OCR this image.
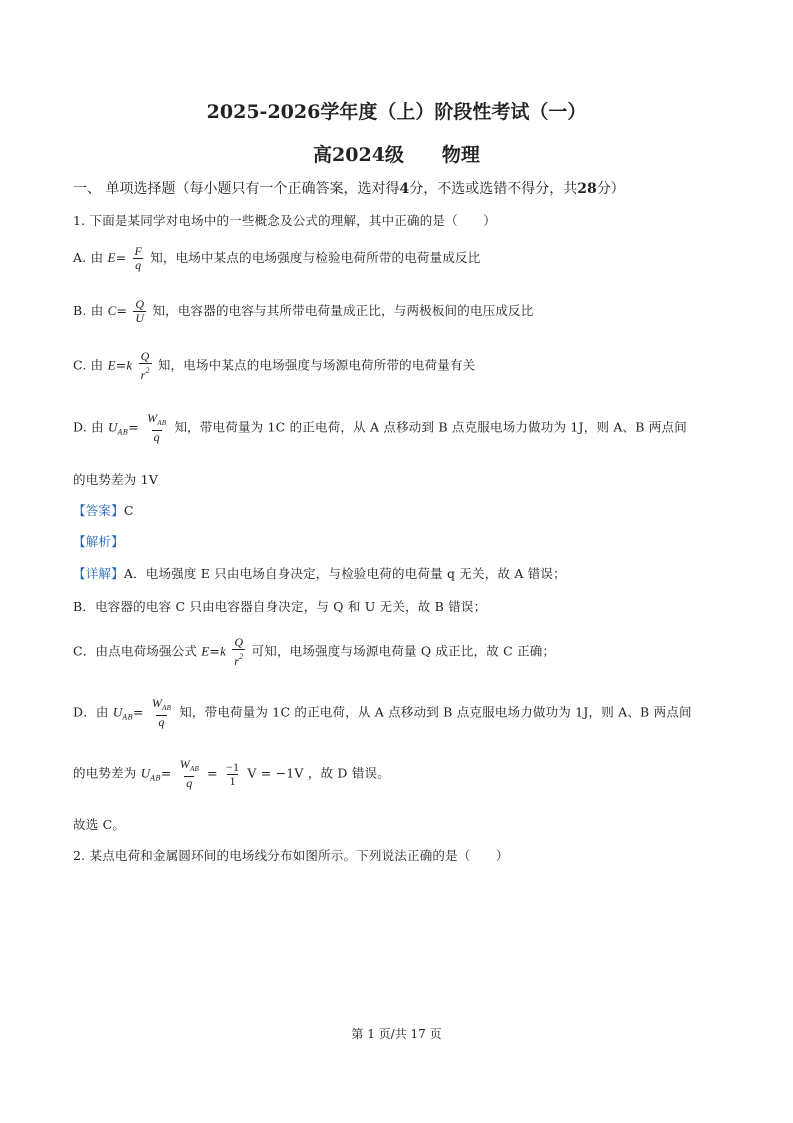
2025-2026学年度（上）阶段性考试（一）
高2024级　　物理
一、 单项选择题（每小题只有一个正确答案，选对得4分，不选或选错不得分，共28分）
1. 下面是某同学对电场中的一些概念及公式的理解，其中正确的是（　　）
A. 由 $E= \frac{F}{q}$ 知，电场中某点的电场强度与检验电荷所带的电荷量成反比
B. 由 $C= \frac{Q}{U}$ 知，电容器的电容与其所带电荷量成正比，与两极板间的电压成反比
C. 由 $E=k \frac{Q}{r^2}$ 知，电场中某点的电场强度与场源电荷所带的电荷量有关
D. 由 $U_{AB}= \frac{W_{AB}}{q}$ 知，带电荷量为 1C 的正电荷，从 A 点移动到 B 点克服电场力做功为 1J，则 A、B 两点间
的电势差为 1V
【答案】C
【解析】
【详解】A．电场强度 E 只由电场自身决定，与检验电荷的电荷量 q 无关，故 A 错误；
B．电容器的电容 C 只由电容器自身决定，与 Q 和 U 无关，故 B 错误；
C．由点电荷场强公式 $E=k \frac{Q}{r^2}$ 可知，电场强度与场源电荷量 Q 成正比，故 C 正确；
D．由 $U_{AB}= \frac{W_{AB}}{q}$ 知，带电荷量为 1C 的正电荷，从 A 点移动到 B 点克服电场力做功为 1J，则 A、B 两点间
的电势差为 $U_{AB}= \frac{W_{AB}}{q} = \frac{-1}{1}$ V = −1V ，故 D 错误。
故选 C。
2. 某点电荷和金属圆环间的电场线分布如图所示。下列说法正确的是（　　）
第 1 页/共 17 页
